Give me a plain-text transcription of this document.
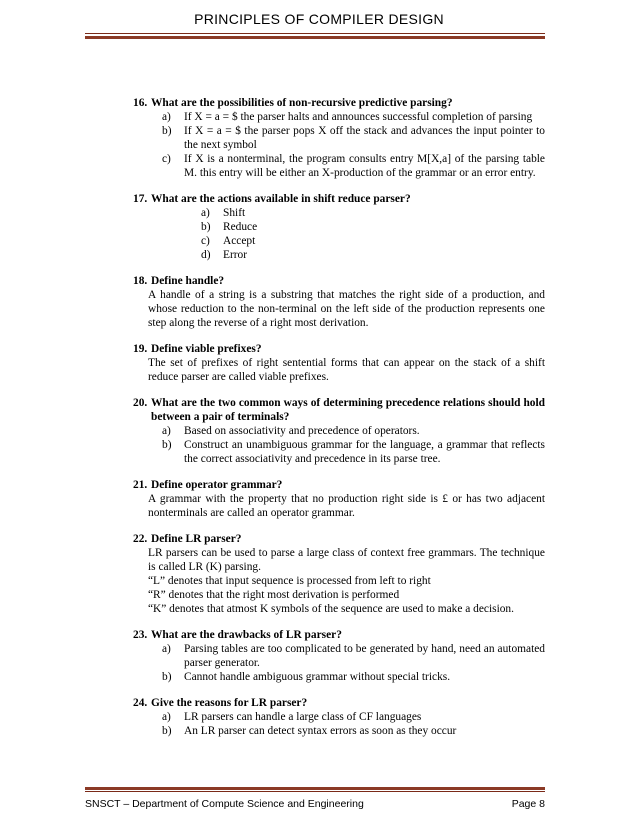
PRINCIPLES OF COMPILER DESIGN
16. What are the possibilities of non-recursive predictive parsing?
a)	If X = a = $ the parser halts and announces successful completion of parsing
b)	If X = a = $ the parser pops X off the stack and advances the input pointer to the next symbol
c)	If X is a nonterminal, the program consults entry M[X,a] of the parsing table M. this entry will be either an X-production of the grammar or an error entry.
17. What are the actions available in shift reduce parser?
a)	Shift
b)	Reduce
c)	Accept
d)	Error
18. Define handle?
A handle of a string is a substring that matches the right side of a production, and whose reduction to the non-terminal on the left side of the production represents one step along the reverse of a right most derivation.
19. Define viable prefixes?
The set of prefixes of right sentential forms that can appear on the stack of a shift reduce parser are called viable prefixes.
20. What are the two common ways of determining precedence relations should hold between a pair of terminals?
a)	Based on associativity and precedence of operators.
b)	Construct an unambiguous grammar for the language, a grammar that reflects the correct associativity and precedence in its parse tree.
21. Define operator grammar?
A grammar with the property that no production right side is £ or has two adjacent nonterminals are called an operator grammar.
22. Define LR parser?
LR parsers can be used to parse a large class of context free grammars. The technique is called LR (K) parsing.
“L” denotes that input sequence is processed from left to right
“R” denotes that the right most derivation is performed
“K” denotes that atmost K symbols of the sequence are used to make a decision.
23. What are the drawbacks of LR parser?
a)	Parsing tables are too complicated to be generated by hand, need an automated parser generator.
b)	Cannot handle ambiguous grammar without special tricks.
24. Give the reasons for LR parser?
a)	LR parsers can handle a large class of CF languages
b)	An LR parser can detect syntax errors as soon as they occur
SNSCT – Department of Compute Science and Engineering	Page 8
